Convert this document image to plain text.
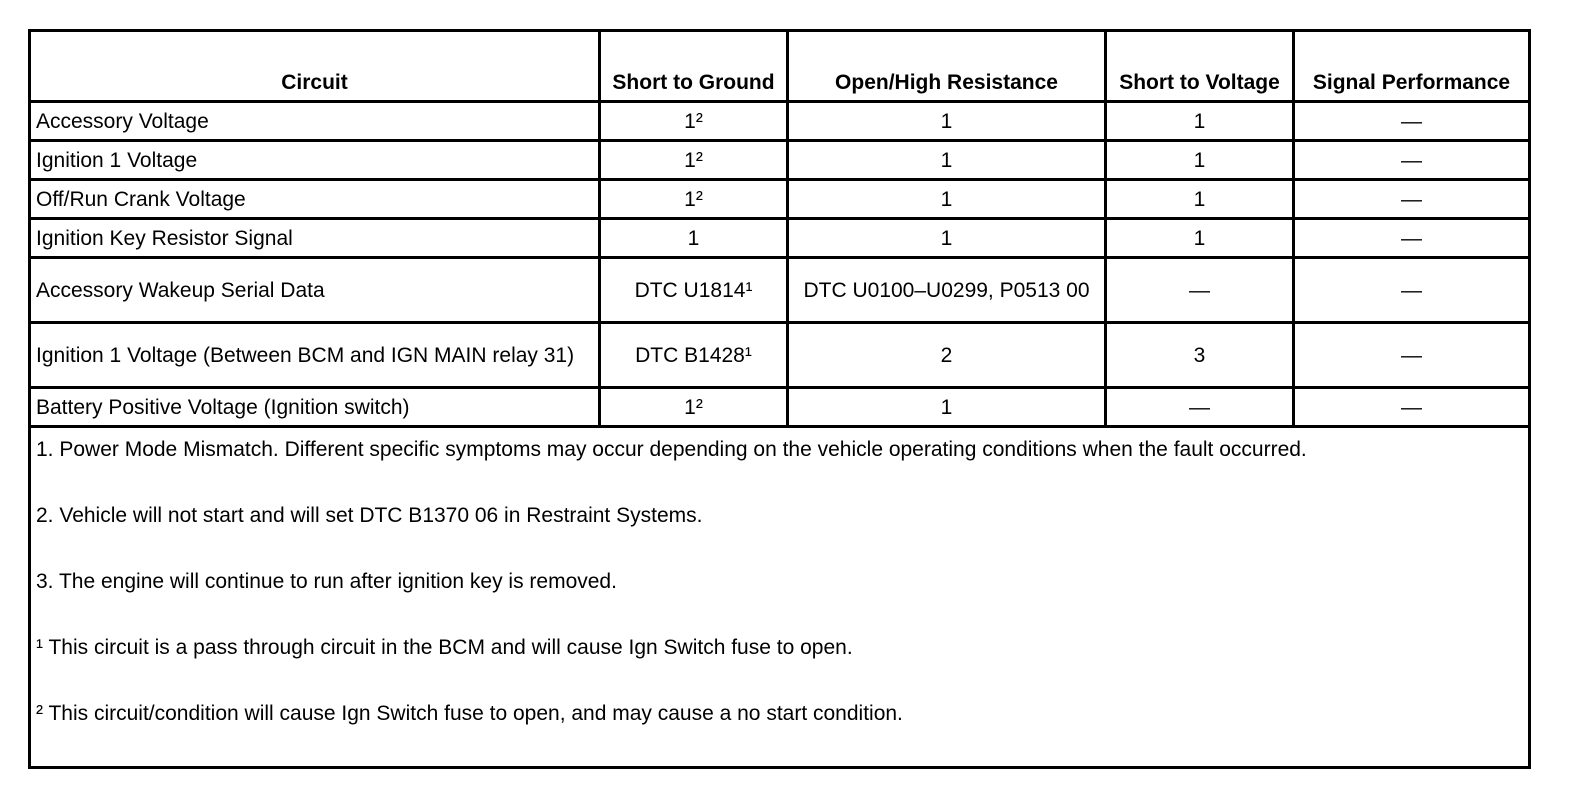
Circuit	Short to Ground	Open/High Resistance	Short to Voltage	Signal Performance
Accessory Voltage	1²	1	1	—
Ignition 1 Voltage	1²	1	1	—
Off/Run Crank Voltage	1²	1	1	—
Ignition Key Resistor Signal	1	1	1	—
Accessory Wakeup Serial Data	DTC U1814¹	DTC U0100–U0299, P0513 00	—	—
Ignition 1 Voltage (Between BCM and IGN MAIN relay 31)	DTC B1428¹	2	3	—
Battery Positive Voltage (Ignition switch)	1²	1	—	—

1. Power Mode Mismatch. Different specific symptoms may occur depending on the vehicle operating conditions when the fault occurred.

2. Vehicle will not start and will set DTC B1370 06 in Restraint Systems.

3. The engine will continue to run after ignition key is removed.

¹ This circuit is a pass through circuit in the BCM and will cause Ign Switch fuse to open.

² This circuit/condition will cause Ign Switch fuse to open, and may cause a no start condition.				
